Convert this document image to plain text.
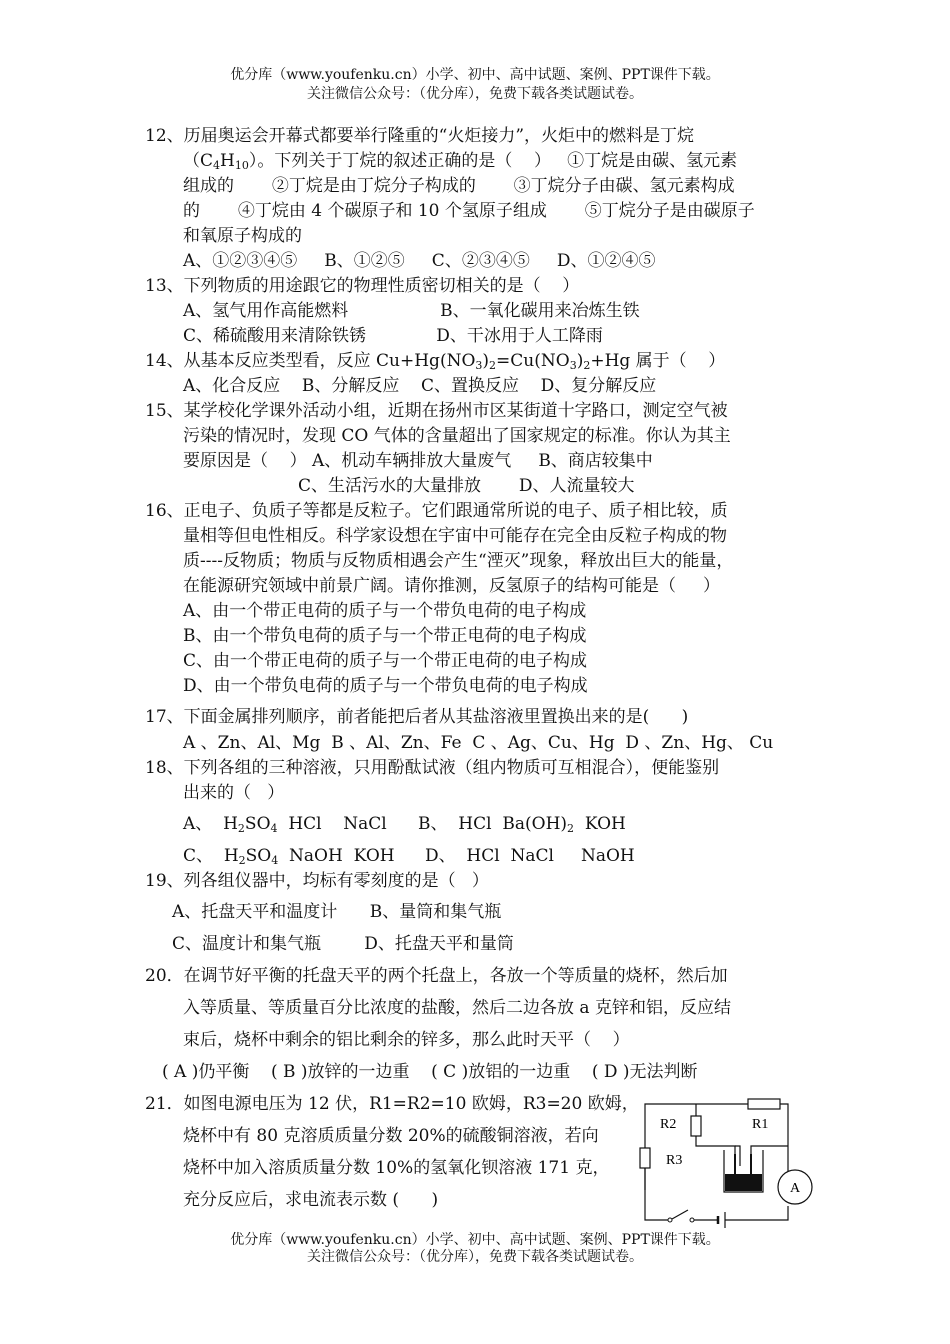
优分库（www.youfenku.cn）小学、初中、高中试题、案例、PPT课件下载。
关注微信公众号：（优分库），免费下载各类试题试卷。
12、历届奥运会开幕式都要举行隆重的“火炬接力”，火炬中的燃料是丁烷
$(C_4H_{10})$。下列关于丁烷的叙述正确的是（    ）   ①丁烷是由碳、氢元素
组成的       ②丁烷是由丁烷分子构成的       ③丁烷分子由碳、氢元素构成
的       ④丁烷由 4 个碳原子和 10 个氢原子组成       ⑤丁烷分子是由碳原子
和氧原子构成的
A、①②③④⑤     B、①②⑤     C、②③④⑤     D、①②④⑤
13、下列物质的用途跟它的物理性质密切相关的是（    ）
A、氢气用作高能燃料                 B、一氧化碳用来冶炼生铁
C、稀硫酸用来清除铁锈             D、干冰用于人工降雨
14、从基本反应类型看，反应 $Cu+Hg(NO_3)_2=Cu(NO_3)_2+Hg$ 属于（    ）
A、化合反应    B、分解反应    C、置换反应    D、复分解反应
15、某学校化学课外活动小组，近期在扬州市区某街道十字路口，测定空气被
污染的情况时，发现 CO 气体的含量超出了国家规定的标准。你认为其主
要原因是（    ） A、机动车辆排放大量废气     B、商店较集中
C、生活污水的大量排放       D、人流量较大
16、正电子、负质子等都是反粒子。它们跟通常所说的电子、质子相比较，质
量相等但电性相反。科学家设想在宇宙中可能存在完全由反粒子构成的物
质----反物质；物质与反物质相遇会产生“湮灭”现象，释放出巨大的能量，
在能源研究领域中前景广阔。请你推测，反氢原子的结构可能是（     ）
A、由一个带正电荷的质子与一个带负电荷的电子构成
B、由一个带负电荷的质子与一个带正电荷的电子构成
C、由一个带正电荷的质子与一个带正电荷的电子构成
D、由一个带负电荷的质子与一个带负电荷的电子构成
17、下面金属排列顺序，前者能把后者从其盐溶液里置换出来的是(      )
A 、Zn、Al、Mg  B 、Al、Zn、Fe  C 、Ag、Cu、Hg  D 、Zn、Hg、 Cu
18、下列各组的三种溶液，只用酚酞试液（组内物质可互相混合），便能鉴别
出来的（   ）
A、  $H_2SO_4$  HCl    NaCl B、  HCl  $Ba(OH)_2$  KOH
C、  $H_2SO_4$  NaOH  KOH D、  HCl  NaCl     NaOH
19、列各组仪器中，均标有零刻度的是（   ）
A、托盘天平和温度计      B、量筒和集气瓶
C、温度计和集气瓶        D、托盘天平和量筒
20．在调节好平衡的托盘天平的两个托盘上，各放一个等质量的烧杯，然后加
入等质量、等质量百分比浓度的盐酸，然后二边各放 a 克锌和铝，反应结
束后，烧杯中剩余的铝比剩余的锌多，那么此时天平（    ）
( A )仍平衡    ( B )放锌的一边重    ( C )放铝的一边重    ( D )无法判断
21．如图电源电压为 12 伏，R1=R2=10 欧姆，R3=20 欧姆，
烧杯中有 80 克溶质质量分数 20%的硫酸铜溶液，若向
烧杯中加入溶质质量分数 10%的氢氧化钡溶液 171 克，
充分反应后，求电流表示数 (      )
R2	R1
R3
A
优分库（www.youfenku.cn）小学、初中、高中试题、案例、PPT课件下载。
关注微信公众号：（优分库），免费下载各类试题试卷。
